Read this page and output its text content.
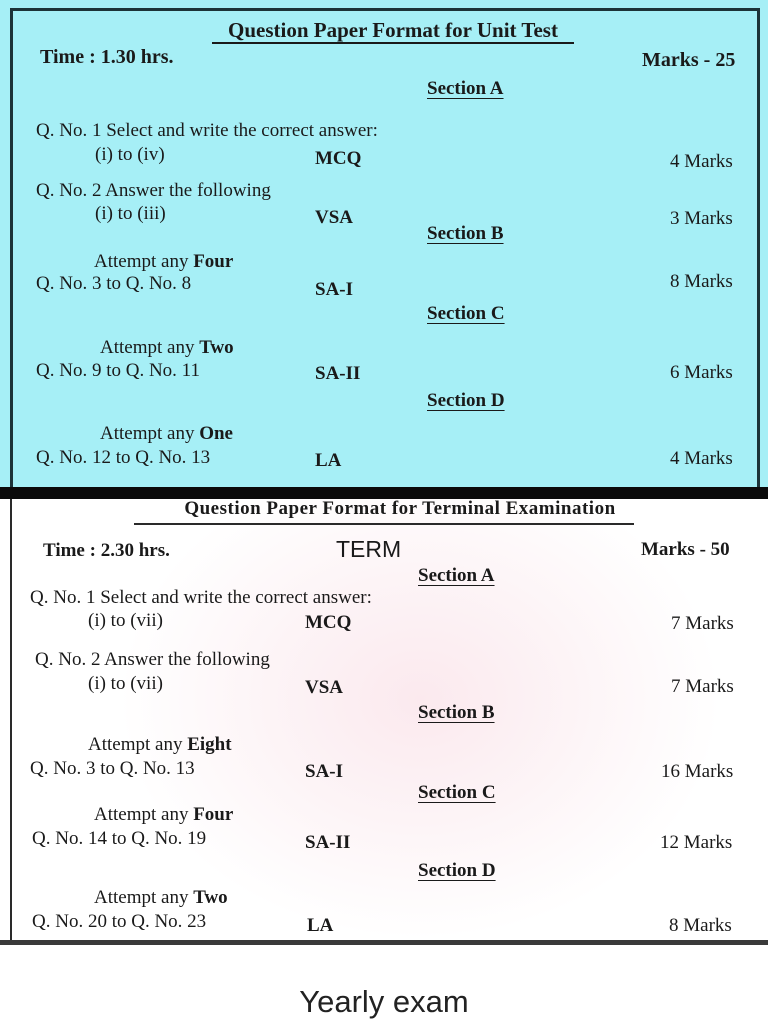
Question Paper Format for Unit Test
Time : 1.30 hrs.	Marks - 25
Section A
Q. No. 1 Select and write the correct answer:
(i) to (iv)	MCQ	4 Marks
Q. No. 2 Answer the following
(i) to (iii)	VSA	3 Marks
Section B
Attempt any Four
Q. No. 3 to Q. No. 8	SA-I	8 Marks
Section C
Attempt any Two
Q. No. 9 to Q. No. 11	SA-II	6 Marks
Section D
Attempt any One
Q. No. 12 to Q. No. 13	LA	4 Marks
Question Paper Format for Terminal Examination
Time : 2.30 hrs.	TERM	Marks - 50
Section A
Q. No. 1 Select and write the correct answer:
(i) to (vii)	MCQ	7 Marks
Q. No. 2 Answer the following
(i) to (vii)	VSA	7 Marks
Section B
Attempt any Eight
Q. No. 3 to Q. No. 13	SA-I	16 Marks
Section C
Attempt any Four
Q. No. 14 to Q. No. 19	SA-II	12 Marks
Section D
Attempt any Two
Q. No. 20 to Q. No. 23	LA	8 Marks
Yearly exam
